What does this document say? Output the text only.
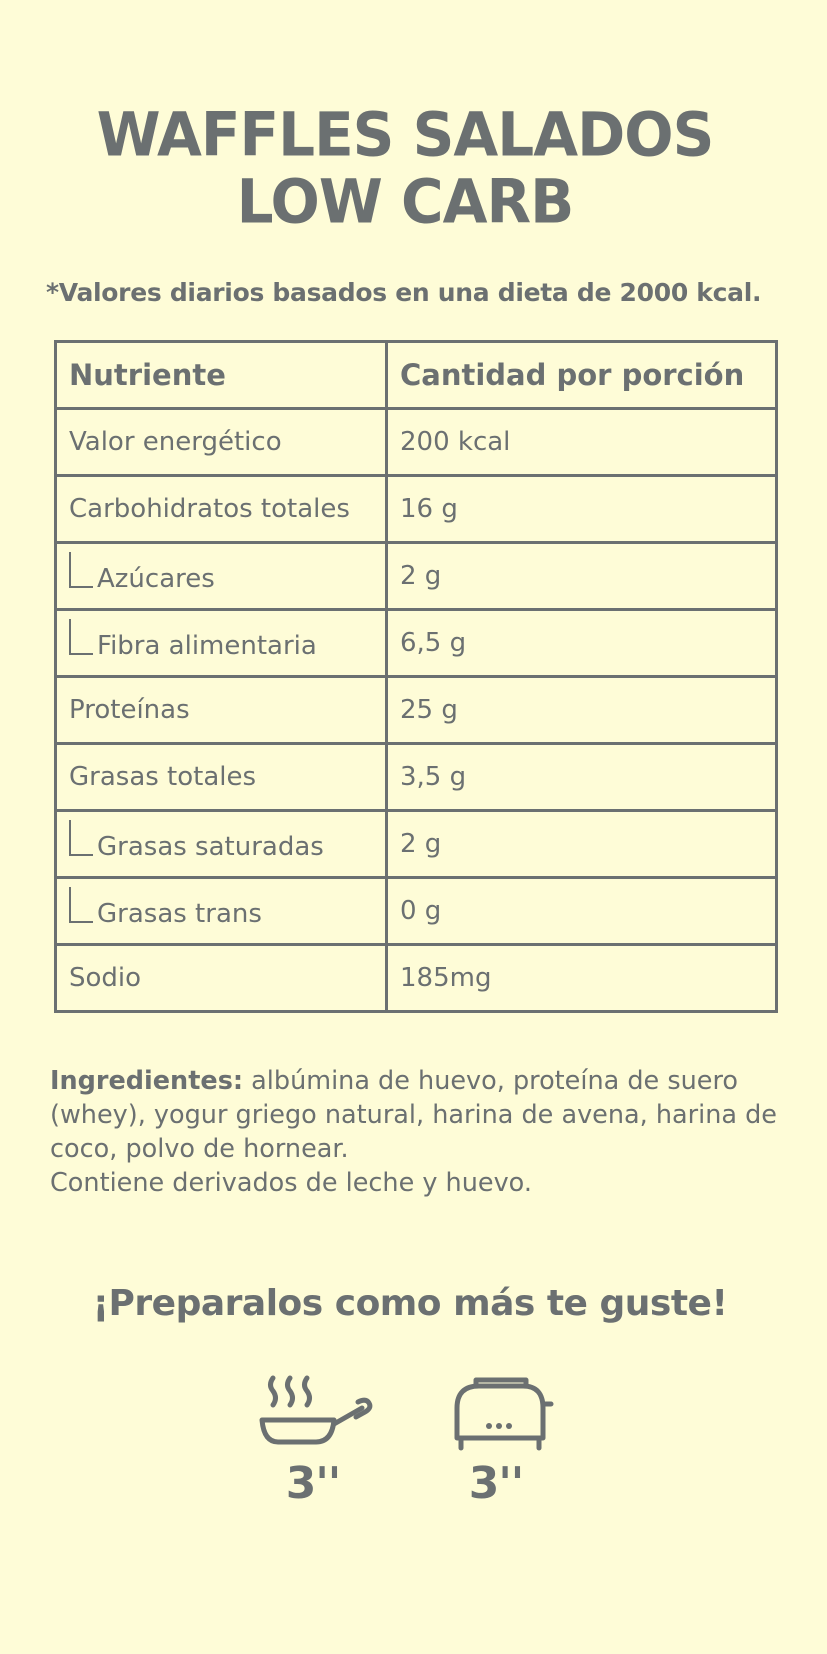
WAFFLES SALADOS
LOW CARB
*Valores diarios basados en una dieta de 2000 kcal.
Nutriente	Cantidad por porción
Valor energético	200 kcal
Carbohidratos totales	16 g
Azúcares	2 g
Fibra alimentaria	6,5 g
Proteínas	25 g
Grasas totales	3,5 g
Grasas saturadas	2 g
Grasas trans	0 g
Sodio	185mg
Ingredientes: albúmina de huevo, proteína de suero (whey), yogur griego natural, harina de avena, harina de coco, polvo de hornear.
Contiene derivados de leche y huevo.
¡Preparalos como más te guste!
3''	3''
